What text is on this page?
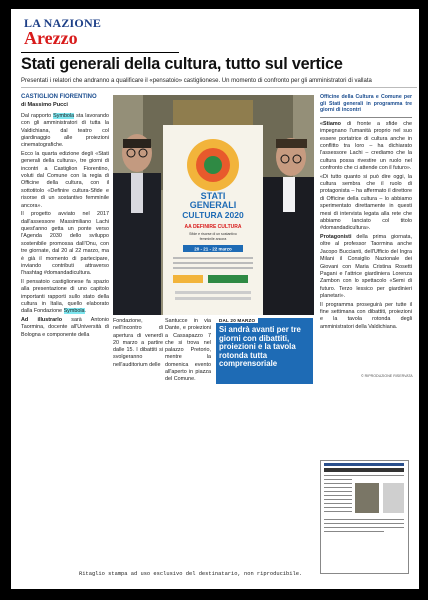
LA NAZIONE
Arezzo
Stati generali della cultura, tutto sul vertice
Presentati i relatori che andranno a qualificare il «pensatoio» castiglionese. Un momento di confronto per gli amministratori di vallata
CASTIGLION FIORENTINO
di Massimo Pucci

Dal rapporto Symbola sta lavorando con gli amministratori di tutta la Valdichiana, dal teatro col giardinaggio alle proiezioni cinematografiche.

Ecco la quarta edizione degli «Stati generali della cultura», tre giorni di incontri a Castiglion Fiorentino, voluti dal Comune con la regia di Officine della cultura, con il sottotitolo «Definire cultura-Sfide e risorse di un sostantivo femminile ancora».

Il progetto avviato nel 2017 dall'assessore Massimiliano Lachi quest'anno getta un ponte verso l'Agenda 2030 dello sviluppo sostenibile promossa dall'Onu, con tre giornate, dal 20 al 22 marzo, ma è già il momento di partecipare, inviando contributi attraverso l'hashtag #domandadicultura.

Il pensatoio castiglionese fa spazio alla presentazione di uno capitolo importanti rapporti sullo stato della cultura in Italia, quello elaborato dalla Fondazione Symbola.

Ad illustrarlo sarà Antonio Taormina, docente all'Università di Bologna e componente della

STATI
GENERALI
CULTURA 2020
AA DEFINIRE CULTURA
Sfide e risorse di un sostantivo
femminile ancora
20 - 21 - 22 marzo
Officine della Cultura e Comune per gli Stati generali in programma tre giorni di incontri

«Stiamo di fronte a sfide che impegnano l'umanità proprio nel suo essere portatrice di cultura anche in conflitto tra loro – ha dichiarato l'assessore Lachi – crediamo che la cultura possa rivestire un ruolo nel confronto che ci attende con il futuro».

«Di tutto quanto si può dire oggi, la cultura sembra che il ruolo di protagonista – ha affermato il direttore di Officine della cultura – lo abbiamo sperimentato direttamente in questi mesi di intervista legata alla rete che abbiamo lanciato col titolo #domandadicultura».

Protagonisti della prima giornata, oltre al professor Taormina anche Jacopo Buccianti, dell'Ufficio del Ingra Milani il Consiglio Nazionale dei Giovani con Maria Cristina Rosetti Pagani e l'attrice giardiniera Lorenza Zambon con lo spettacolo «Semi di futuro. Terzo lessico per giardinieri planetari».

Il programma proseguirà per tutte il fine settimana con dibattiti, proiezioni e la tavola rotonda degli amministratori della Valdichiana.

Fondazione, nell'incontro di apertura di venerdì 20 marzo a partire dalle 15. I dibattiti si svolgeranno nell'auditorium delle
Santucce in via Dante, e proiezioni a Cassapazzo 7 che si trova nel palazzo Pretorio, mentre la domenica evento all'aperto in piazza del Comune.
DAL 20 MARZO
Si andrà avanti per tre giorni con dibattiti, proiezioni e la tavola rotonda tutta comprensoriale
© RIPRODUZIONE RISERVATA
Ritaglio stampa ad uso esclusivo del destinatario, non riproducibile.
